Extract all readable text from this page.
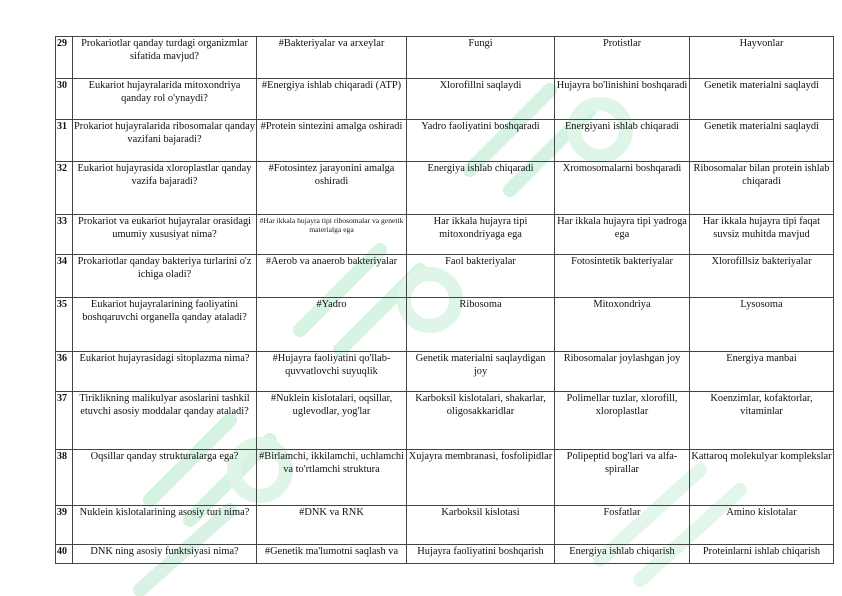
29	Prokariotlar qanday turdagi organizmlar sifatida mavjud?	#Bakteriyalar va arxeylar	Fungi	Protistlar	Hayvonlar
30	Eukariot hujayralarida mitoxondriya qanday rol o'ynaydi?	#Energiya ishlab chiqaradi (ATP)	Xlorofillni saqlaydi	Hujayra bo'linishini boshqaradi	Genetik materialni saqlaydi
31	Prokariot hujayralarida ribosomalar qanday vazifani bajaradi?	#Protein sintezini amalga oshiradi	Yadro faoliyatini boshqaradi	Energiyani ishlab chiqaradi	Genetik materialni saqlaydi
32	Eukariot hujayrasida xloroplastlar qanday vazifa bajaradi?	#Fotosintez jarayonini amalga oshiradi	Energiya ishlab chiqaradi	Xromosomalarni boshqaradi	Ribosomalar bilan protein ishlab chiqaradi
33	Prokariot va eukariot hujayralar orasidagi umumiy xususiyat nima?	#Har ikkala hujayra tipi ribosomalar va genetik materialga ega	Har ikkala hujayra tipi mitoxondriyaga ega	Har ikkala hujayra tipi yadroga ega	Har ikkala hujayra tipi faqat suvsiz muhitda mavjud
34	Prokariotlar qanday bakteriya turlarini o'z ichiga oladi?	#Aerob va anaerob bakteriyalar	Faol bakteriyalar	Fotosintetik bakteriyalar	Xlorofillsiz bakteriyalar
35	Eukariot hujayralarining faoliyatini boshqaruvchi organella qanday ataladi?	#Yadro	Ribosoma	Mitoxondriya	Lysosoma
36	Eukariot hujayrasidagi sitoplazma nima?	#Hujayra faoliyatini qo'llab-quvvatlovchi suyuqlik	Genetik materialni saqlaydigan joy	Ribosomalar joylashgan joy	Energiya manbai
37	Tiriklikning malikulyar asoslarini tashkil etuvchi asosiy moddalar qanday ataladi?	#Nuklein kislotalari, oqsillar, uglevodlar, yog'lar	Karboksil kislotalari, shakarlar, oligosakkaridlar	Polimellar tuzlar, xlorofill, xloroplastlar	Koenzimlar, kofaktorlar, vitaminlar
38	Oqsillar qanday strukturalarga ega?	#Birlamchi, ikkilamchi, uchlamchi va to'rtlamchi struktura	Xujayra membranasi, fosfolipidlar	Polipeptid bog'lari va alfa-spirallar	Kattaroq molekulyar komplekslar
39	Nuklein kislotalarining asosiy turi nima?	#DNK va RNK	Karboksil kislotasi	Fosfatlar	Amino kislotalar
40	DNK ning asosiy funktsiyasi nima?	#Genetik ma'lumotni saqlash va	Hujayra faoliyatini boshqarish	Energiya ishlab chiqarish	Proteinlarni ishlab chiqarish
